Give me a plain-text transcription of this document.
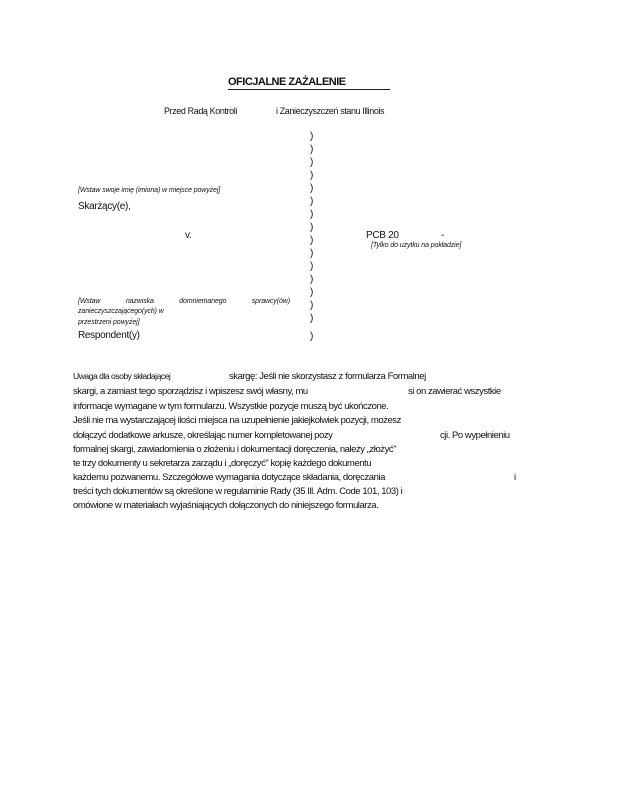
OFICJALNE ZAŻALENIE
Przed Radą Kontroli	i Zanieczyszczeń stanu Illinois
)
)
)
)
)
)
)
)
)
)
)
)
)
)
)
)
[Wstaw swoje imię (imiona) w miejsce powyżej]
Skarżący(e),
v.	PCB 20	-
[Tylko do użytku na pokładzie]
[Wstaw	nazwiska	domniemanego	sprawcy(ów)
zanieczyszczającego(ych) w
przestrzeni powyżej]
Respondent(y)
Uwaga dla osoby składającej	skargę: Jeśli nie skorzystasz z formularza Formalnej
skargi, a zamiast tego sporządzisz i wpiszesz swój własny, mu	si on zawierać wszystkie
informacje wymagane w tym formularzu. Wszystkie pozycje muszą być ukończone.
Jeśli nie ma wystarczającej ilości miejsca na uzupełnienie jakiejkolwiek pozycji, możesz
dołączyć dodatkowe arkusze, określając numer kompletowanej pozy	cji. Po wypełnieniu
formalnej skargi, zawiadomienia o złożeniu i dokumentacji doręczenia, należy „złożyć"
te trzy dokumenty u sekretarza zarządu i „doręczyć" kopię każdego dokumentu
każdemu pozwanemu. Szczegółowe wymagania dotyczące składania, doręczania	i
treści tych dokumentów są określone w regulaminie Rady (35 Ill. Adm. Code 101, 103) i
omówione w materiałach wyjaśniających dołączonych do niniejszego formularza.
